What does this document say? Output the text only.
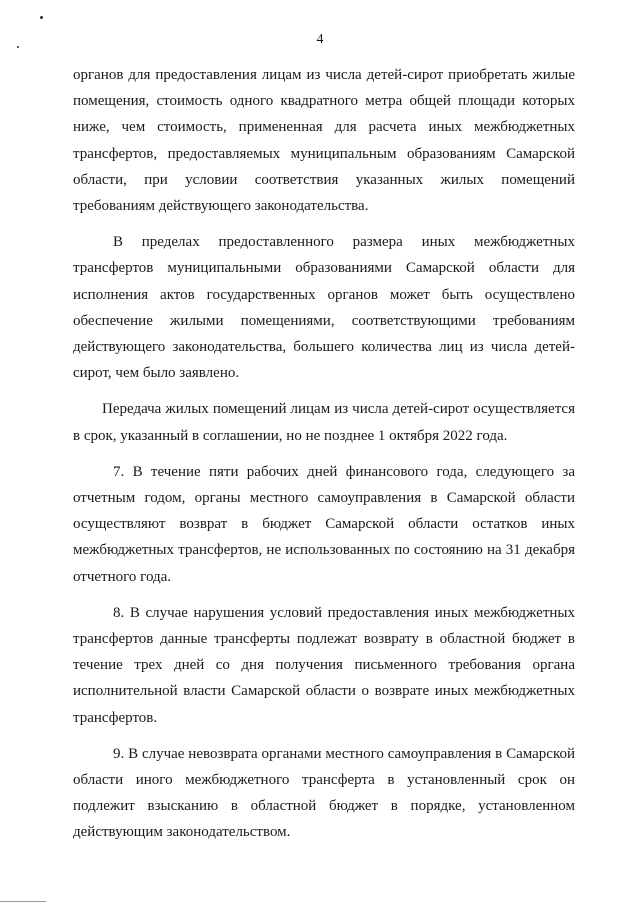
4

органов для предоставления лицам из числа детей-сирот приобретать жилые помещения, стоимость одного квадратного метра общей площади которых ниже, чем стоимость, примененная для расчета иных межбюджетных трансфертов, предоставляемых муниципальным образованиям Самарской области, при условии соответствия указанных жилых помещений требованиям действующего законодательства.

В пределах предоставленного размера иных межбюджетных трансфертов муниципальными образованиями Самарской области для исполнения актов государственных органов может быть осуществлено обеспечение жилыми помещениями, соответствующими требованиям действующего законодательства, большего количества лиц из числа детей-сирот, чем было заявлено.

Передача жилых помещений лицам из числа детей-сирот осуществляется в срок, указанный в соглашении, но не позднее 1 октября 2022 года.

7. В течение пяти рабочих дней финансового года, следующего за отчетным годом, органы местного самоуправления в Самарской области осуществляют возврат в бюджет Самарской области остатков иных межбюджетных трансфертов, не использованных по состоянию на 31 декабря отчетного года.

8. В случае нарушения условий предоставления иных межбюджетных трансфертов данные трансферты подлежат возврату в областной бюджет в течение трех дней со дня получения письменного требования органа исполнительной власти Самарской области о возврате иных межбюджетных трансфертов.

9. В случае невозврата органами местного самоуправления в Самарской области иного межбюджетного трансферта в установленный срок он подлежит взысканию в областной бюджет в порядке, установленном действующим законодательством.
